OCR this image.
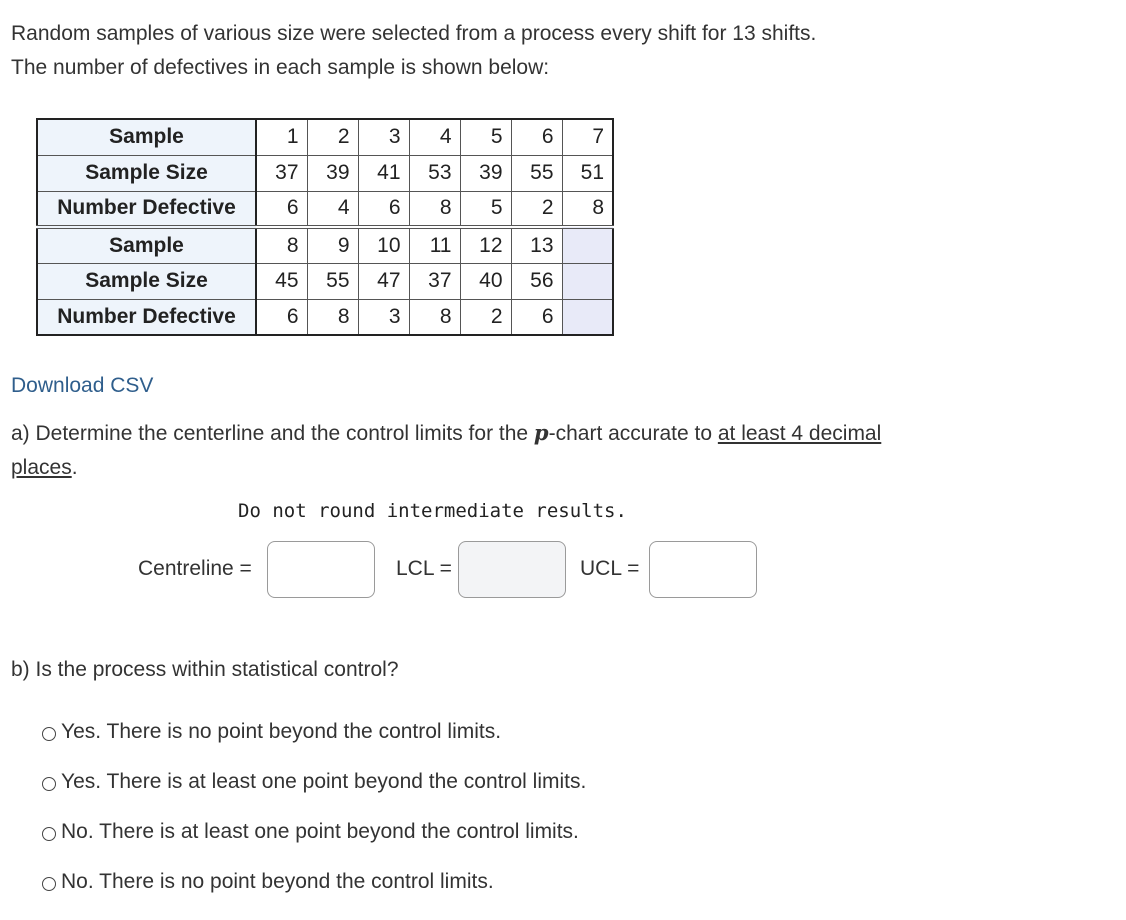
Random samples of various size were selected from a process every shift for 13 shifts.

The number of defectives in each sample is shown below:

Sample	1	2	3	4	5	6	7
Sample Size	37	39	41	53	39	55	51
Number Defective	6	4	6	8	5	2	8
Sample	8	9	10	11	12	13	
Sample Size	45	55	47	37	40	56	
Number Defective	6	8	3	8	2	6	
Download CSV
a) Determine the centerline and the control limits for the p-chart accurate to at least 4 decimal places.
Do not round intermediate results.
Centreline =	LCL =	UCL =
b) Is the process within statistical control?
Yes. There is no point beyond the control limits.
Yes. There is at least one point beyond the control limits.
No. There is at least one point beyond the control limits.
No. There is no point beyond the control limits.
